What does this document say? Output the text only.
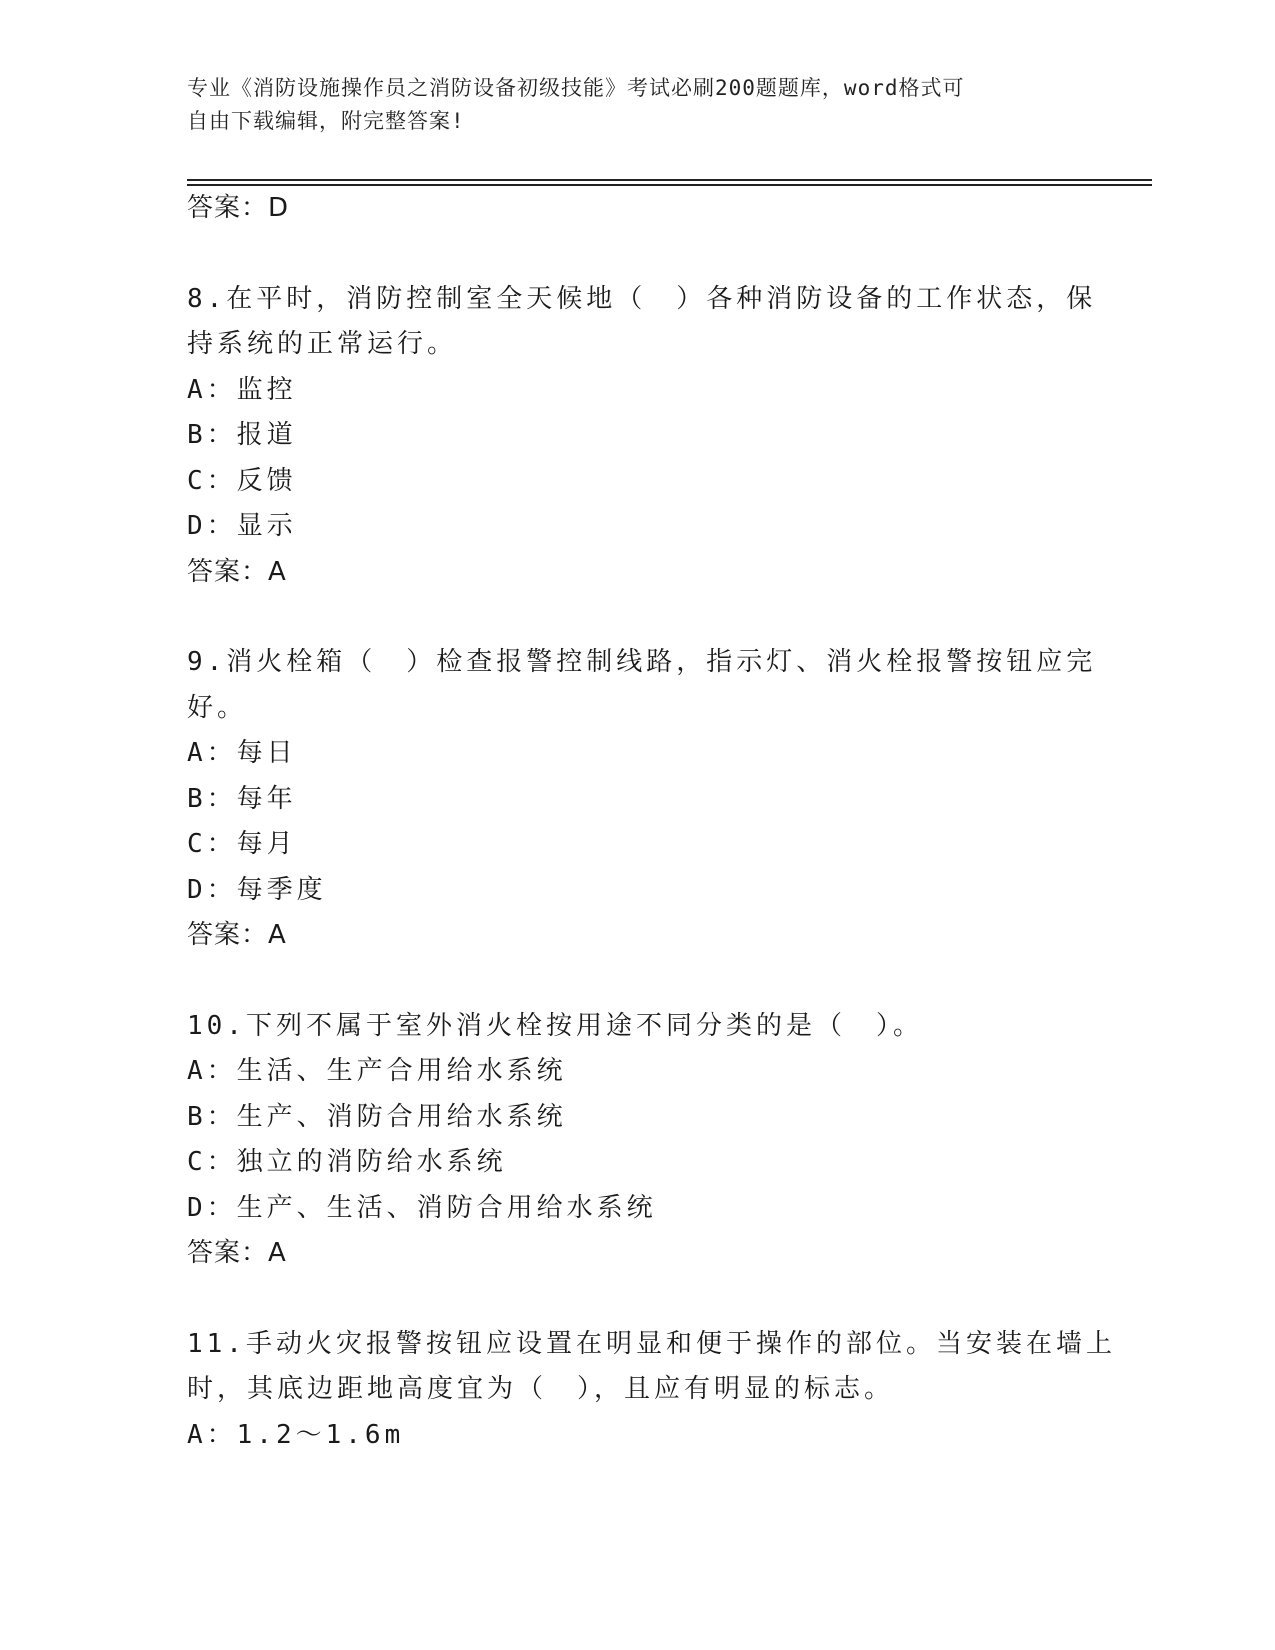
专业《消防设施操作员之消防设备初级技能》考试必刷200题题库，word格式可
自由下载编辑，附完整答案!
答案：D
8.在平时，消防控制室全天候地（　）各种消防设备的工作状态，保
持系统的正常运行。
A：监控
B：报道
C：反馈
D：显示
答案：A
9.消火栓箱（　）检查报警控制线路，指示灯、消火栓报警按钮应完
好。
A：每日
B：每年
C：每月
D：每季度
答案：A
10.下列不属于室外消火栓按用途不同分类的是（　）。
A：生活、生产合用给水系统
B：生产、消防合用给水系统
C：独立的消防给水系统
D：生产、生活、消防合用给水系统
答案：A
11.手动火灾报警按钮应设置在明显和便于操作的部位。当安装在墙上
时，其底边距地高度宜为（　），且应有明显的标志。
A：1.2～1.6m
